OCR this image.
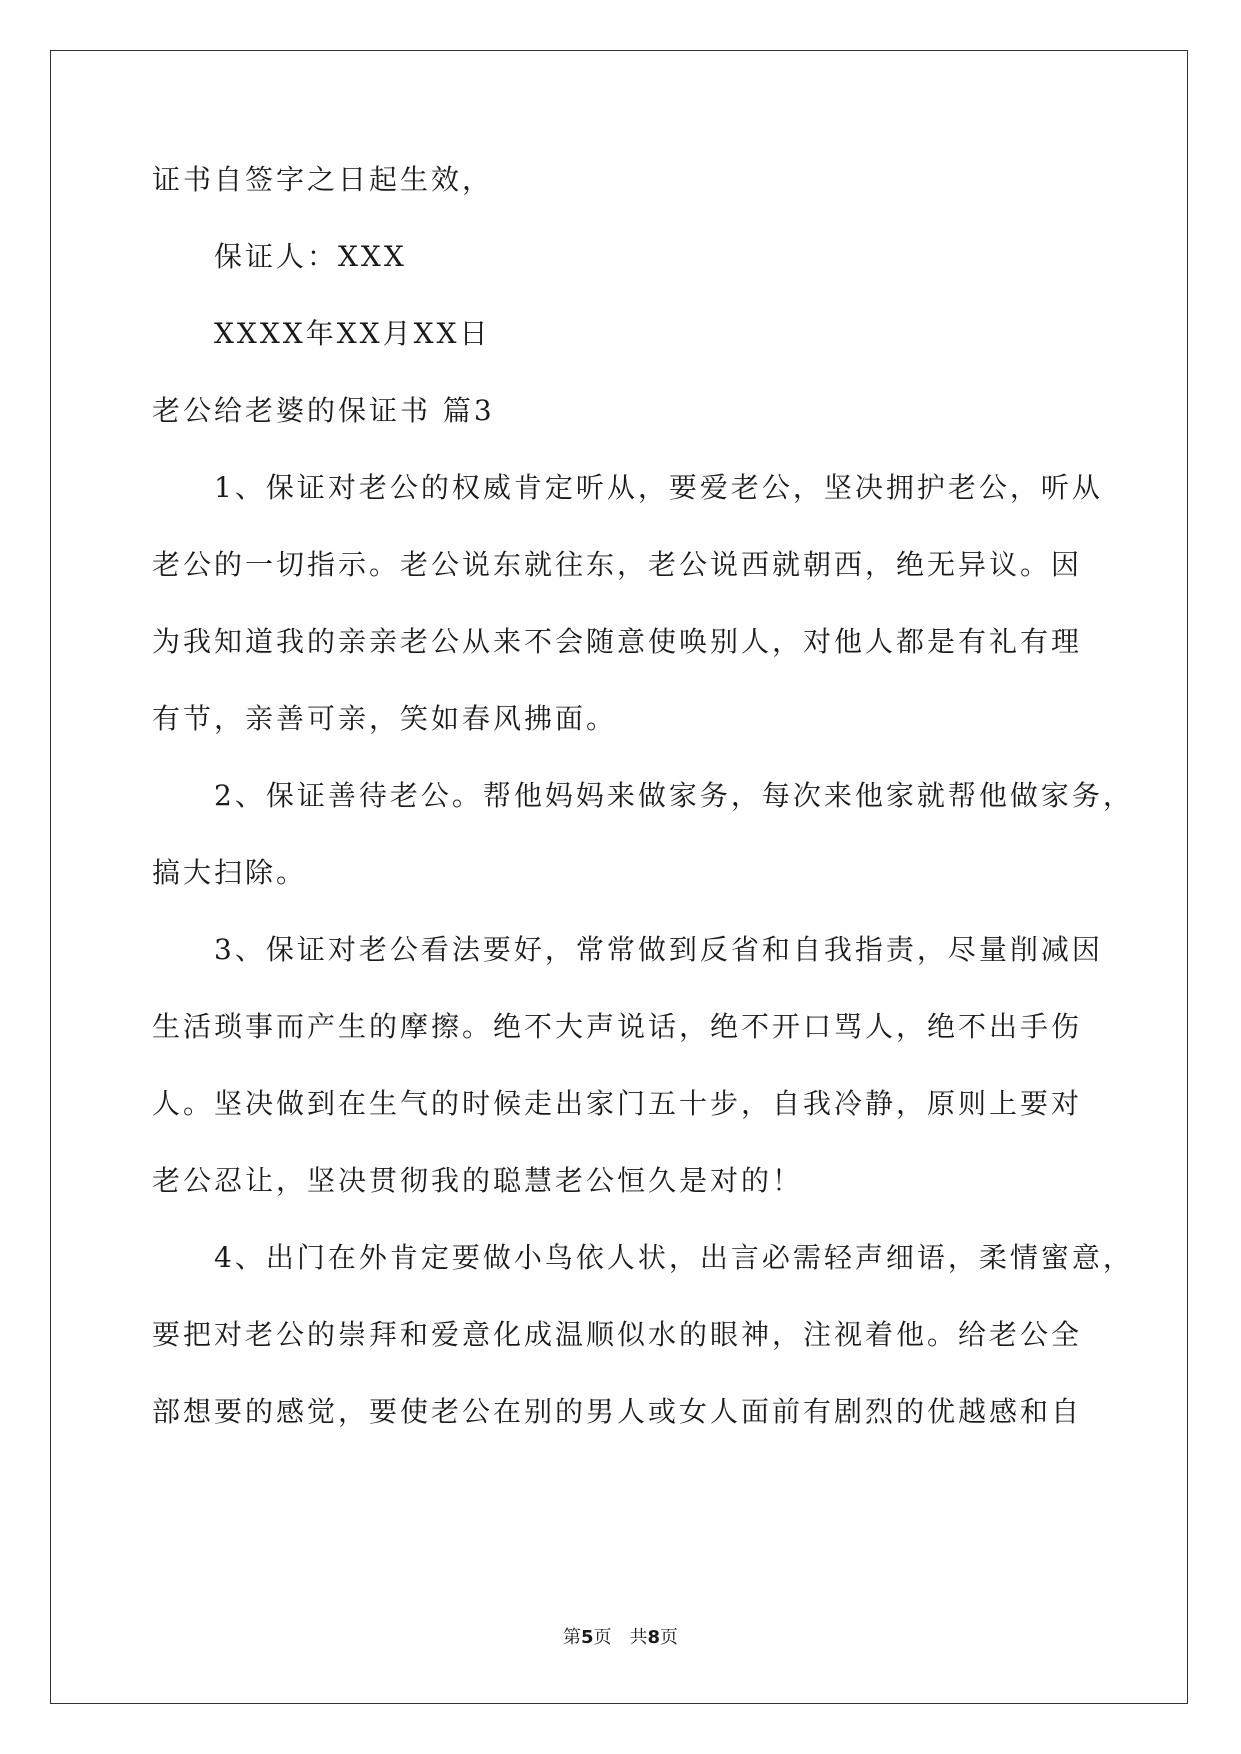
证书自签字之日起生效，
保证人：XXX
XXXX年XX月XX日
老公给老婆的保证书 篇3
1、保证对老公的权威肯定听从，要爱老公，坚决拥护老公，听从
老公的一切指示。老公说东就往东，老公说西就朝西，绝无异议。因
为我知道我的亲亲老公从来不会随意使唤别人，对他人都是有礼有理
有节，亲善可亲，笑如春风拂面。
2、保证善待老公。帮他妈妈来做家务，每次来他家就帮他做家务，
搞大扫除。
3、保证对老公看法要好，常常做到反省和自我指责，尽量削减因
生活琐事而产生的摩擦。绝不大声说话，绝不开口骂人，绝不出手伤
人。坚决做到在生气的时候走出家门五十步，自我冷静，原则上要对
老公忍让，坚决贯彻我的聪慧老公恒久是对的！
4、出门在外肯定要做小鸟依人状，出言必需轻声细语，柔情蜜意，
要把对老公的崇拜和爱意化成温顺似水的眼神，注视着他。给老公全
部想要的感觉，要使老公在别的男人或女人面前有剧烈的优越感和自
第5页　共8页
